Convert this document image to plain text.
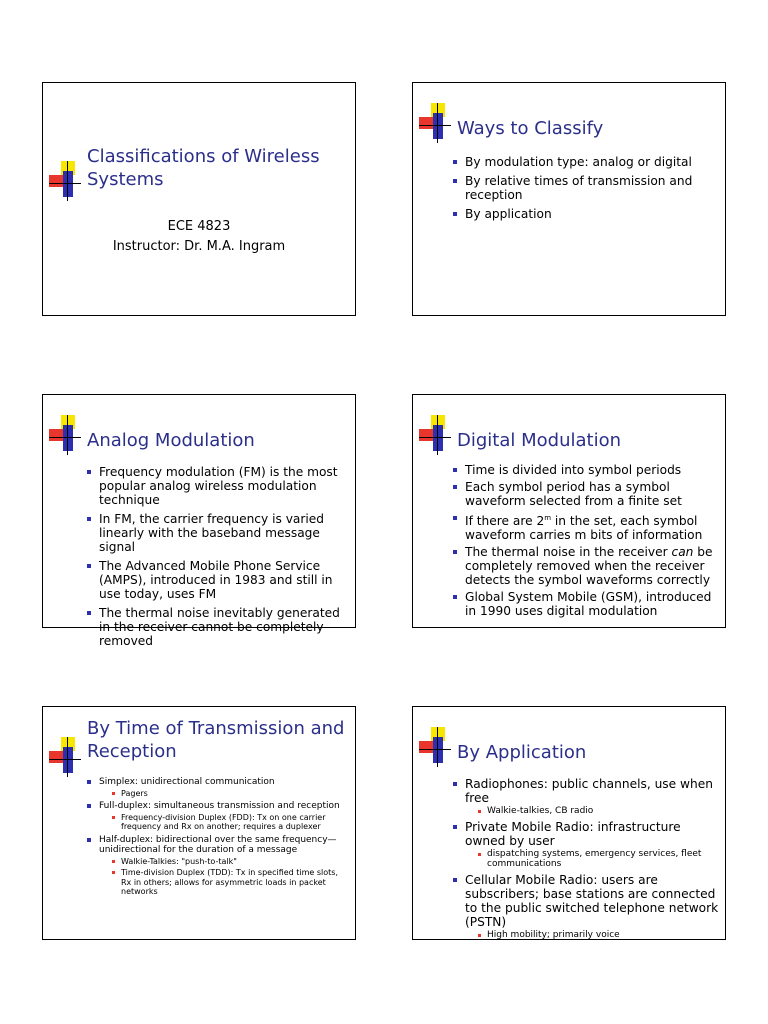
Classifications of Wireless Systems
ECE 4823
Instructor: Dr. M.A. Ingram
Ways to Classify
By modulation type: analog or digital
By relative times of transmission and reception
By application
Analog Modulation
Frequency modulation (FM) is the most popular analog wireless modulation technique
In FM, the carrier frequency is varied linearly with the baseband message signal
The Advanced Mobile Phone Service (AMPS), introduced in 1983 and still in use today, uses FM
The thermal noise inevitably generated in the receiver cannot be completely removed
Digital Modulation
Time is divided into symbol periods
Each symbol period has a symbol waveform selected from a finite set
If there are 2$^m$ in the set, each symbol waveform carries m bits of information
The thermal noise in the receiver can be completely removed when the receiver detects the symbol waveforms correctly
Global System Mobile (GSM), introduced in 1990 uses digital modulation
By Time of Transmission and Reception
Simplex: unidirectional communication
Pagers
Full-duplex: simultaneous transmission and reception
Frequency-division Duplex (FDD): Tx on one carrier frequency and Rx on another; requires a duplexer
Half-duplex: bidirectional over the same frequency—unidirectional for the duration of a message
Walkie-Talkies: "push-to-talk"
Time-division Duplex (TDD): Tx in specified time slots, Rx in others; allows for asymmetric loads in packet networks
By Application
Radiophones: public channels, use when free
Walkie-talkies, CB radio
Private Mobile Radio: infrastructure owned by user
dispatching systems, emergency services, fleet communications
Cellular Mobile Radio: users are subscribers; base stations are connected to the public switched telephone network (PSTN)
High mobility; primarily voice
